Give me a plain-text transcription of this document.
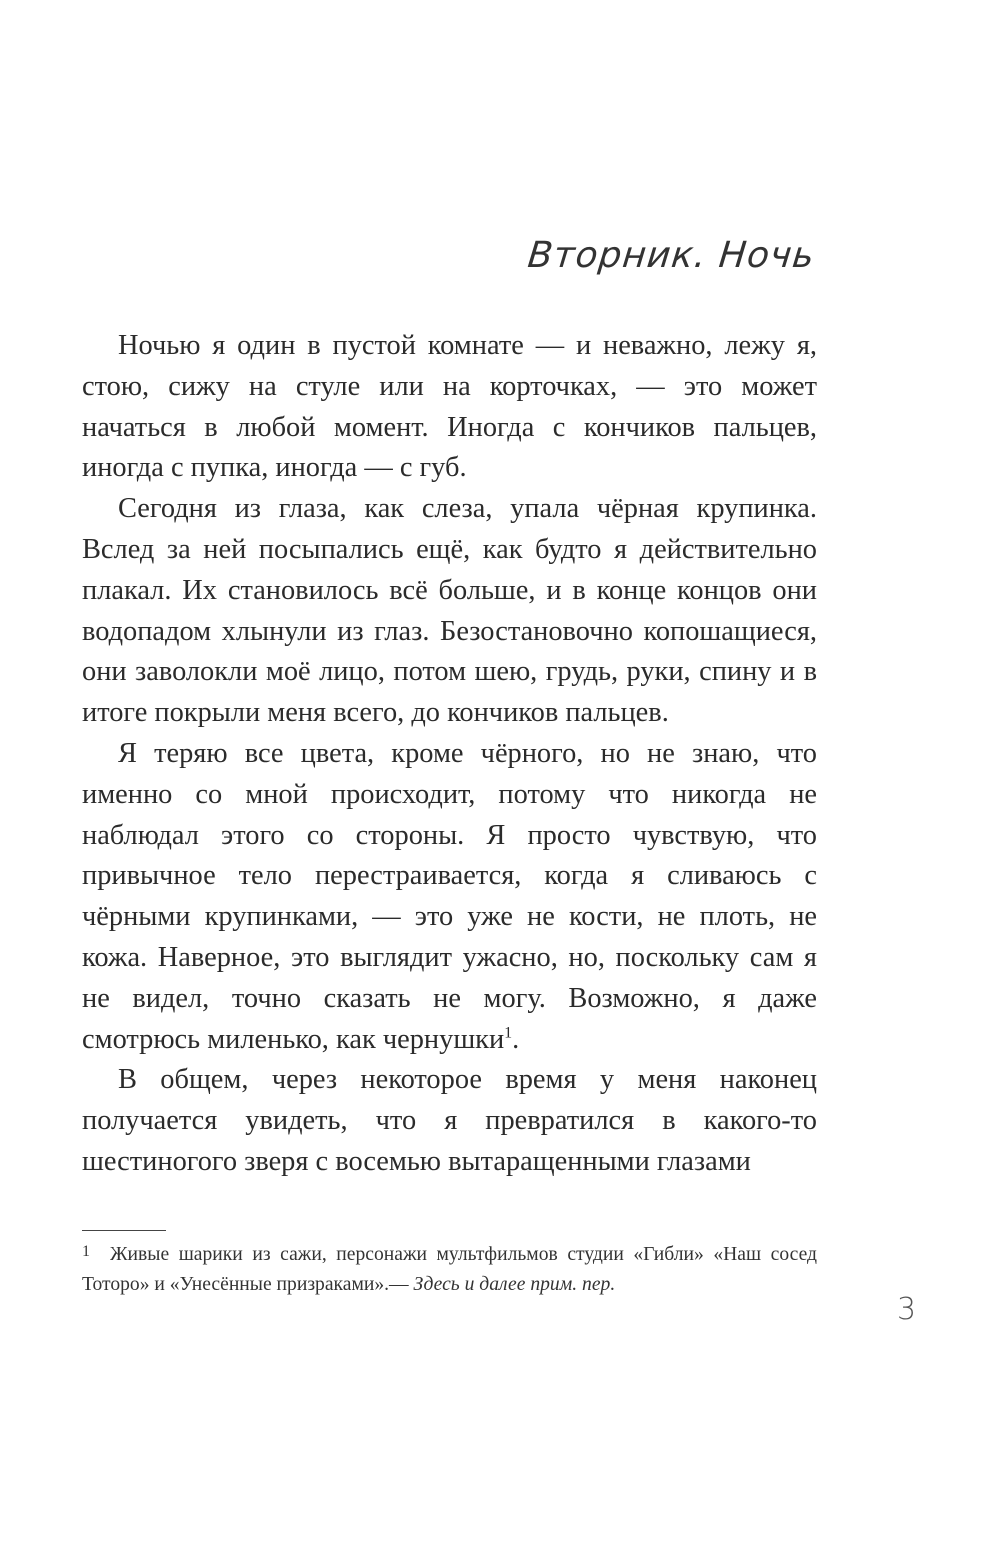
Вторник. Ночь

Ночью я один в пустой комнате — и неважно, лежу я, стою, сижу на стуле или на корточках, — это может начаться в любой момент. Иногда с кончиков пальцев, иногда с пупка, иногда — с губ.

Сегодня из глаза, как слеза, упала чёрная крупинка. Вслед за ней посыпались ещё, как будто я действительно плакал. Их становилось всё больше, и в конце концов они водопадом хлынули из глаз. Безостановочно копошащиеся, они заволокли моё лицо, потом шею, грудь, руки, спину и в итоге покрыли меня всего, до кончиков пальцев.

Я теряю все цвета, кроме чёрного, но не знаю, что именно со мной происходит, потому что никогда не наблюдал этого со стороны. Я просто чувствую, что привычное тело перестраивается, когда я сливаюсь с чёрными крупинками, — это уже не кости, не плоть, не кожа. Наверное, это выглядит ужасно, но, поскольку сам я не видел, точно сказать не могу. Возможно, я даже смотрюсь миленько, как чернушки$^1$.

В общем, через некоторое время у меня наконец получается увидеть, что я превратился в какого-то шестиногого зверя с восемью вытаращенными глазами

1 Живые шарики из сажи, персонажи мультфильмов студии «Гибли» «Наш сосед Тоторо» и «Унесённые призраками».— Здесь и далее прим. пер.

3
